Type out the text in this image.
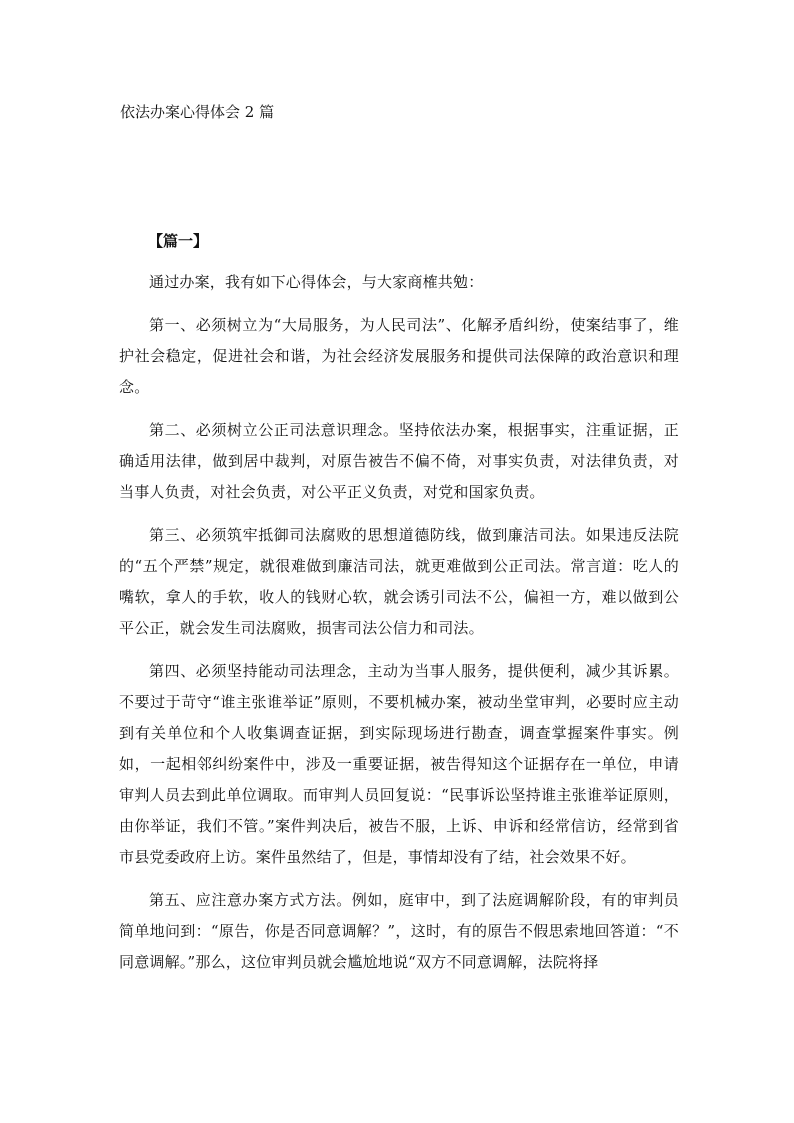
依法办案心得体会 2 篇
【篇一】

通过办案，我有如下心得体会，与大家商榷共勉：

第一、必须树立为“大局服务，为人民司法”、化解矛盾纠纷，使案结事了，维护社会稳定，促进社会和谐，为社会经济发展服务和提供司法保障的政治意识和理念。

第二、必须树立公正司法意识理念。坚持依法办案，根据事实，注重证据，正确适用法律，做到居中裁判，对原告被告不偏不倚，对事实负责，对法律负责，对当事人负责，对社会负责，对公平正义负责，对党和国家负责。

第三、必须筑牢抵御司法腐败的思想道德防线，做到廉洁司法。如果违反法院的“五个严禁”规定，就很难做到廉洁司法，就更难做到公正司法。常言道：吃人的嘴软，拿人的手软，收人的钱财心软，就会诱引司法不公，偏袒一方，难以做到公平公正，就会发生司法腐败，损害司法公信力和司法。

第四、必须坚持能动司法理念，主动为当事人服务，提供便利，减少其诉累。不要过于苛守“谁主张谁举证”原则，不要机械办案，被动坐堂审判，必要时应主动到有关单位和个人收集调查证据，到实际现场进行勘查，调查掌握案件事实。例如，一起相邻纠纷案件中，涉及一重要证据，被告得知这个证据存在一单位，申请审判人员去到此单位调取。而审判人员回复说：“民事诉讼坚持谁主张谁举证原则，由你举证，我们不管。”案件判决后，被告不服，上诉、申诉和经常信访，经常到省市县党委政府上访。案件虽然结了，但是，事情却没有了结，社会效果不好。

第五、应注意办案方式方法。例如，庭审中，到了法庭调解阶段，有的审判员简单地问到：“原告，你是否同意调解？”，这时，有的原告不假思索地回答道：“不同意调解。”那么，这位审判员就会尴尬地说“双方不同意调解，法院将择
